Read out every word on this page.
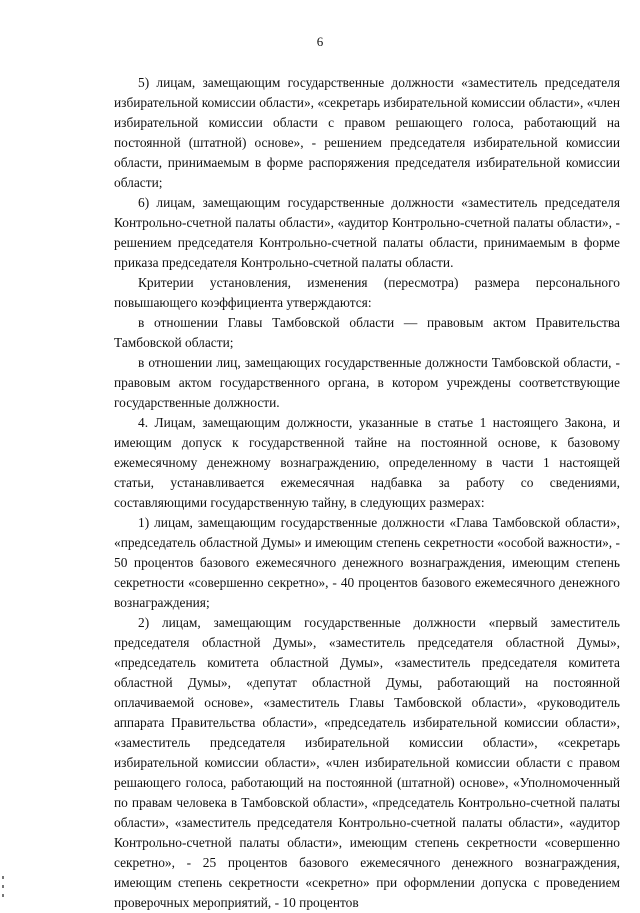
6

5) лицам, замещающим государственные должности «заместитель председателя избирательной комиссии области», «секретарь избирательной комиссии области», «член избирательной комиссии области с правом решающего голоса, работающий на постоянной (штатной) основе», - решением председателя избирательной комиссии области, принимаемым в форме распоряжения председателя избирательной комиссии области;

6) лицам, замещающим государственные должности «заместитель председателя Контрольно-счетной палаты области», «аудитор Контрольно-счетной палаты области», - решением председателя Контрольно-счетной палаты области, принимаемым в форме приказа председателя Контрольно-счетной палаты области.

Критерии установления, изменения (пересмотра) размера персонального повышающего коэффициента утверждаются:

в отношении Главы Тамбовской области — правовым актом Правительства Тамбовской области;

в отношении лиц, замещающих государственные должности Тамбовской области, - правовым актом государственного органа, в котором учреждены соответствующие государственные должности.

4. Лицам, замещающим должности, указанные в статье 1 настоящего Закона, и имеющим допуск к государственной тайне на постоянной основе, к базовому ежемесячному денежному вознаграждению, определенному в части 1 настоящей статьи, устанавливается ежемесячная надбавка за работу со сведениями, составляющими государственную тайну, в следующих размерах:

1) лицам, замещающим государственные должности «Глава Тамбовской области», «председатель областной Думы» и имеющим степень секретности «особой важности», - 50 процентов базового ежемесячного денежного вознаграждения, имеющим степень секретности «совершенно секретно», - 40 процентов базового ежемесячного денежного вознаграждения;

2) лицам, замещающим государственные должности «первый заместитель председателя областной Думы», «заместитель председателя областной Думы», «председатель комитета областной Думы», «заместитель председателя комитета областной Думы», «депутат областной Думы, работающий на постоянной оплачиваемой основе», «заместитель Главы Тамбовской области», «руководитель аппарата Правительства области», «председатель избирательной комиссии области», «заместитель председателя избирательной комиссии области», «секретарь избирательной комиссии области», «член избирательной комиссии области с правом решающего голоса, работающий на постоянной (штатной) основе», «Уполномоченный по правам человека в Тамбовской области», «председатель Контрольно-счетной палаты области», «заместитель председателя Контрольно-счетной палаты области», «аудитор Контрольно-счетной палаты области», имеющим степень секретности «совершенно секретно», - 25 процентов базового ежемесячного денежного вознаграждения, имеющим степень секретности «секретно» при оформлении допуска с проведением проверочных мероприятий, - 10 процентов
